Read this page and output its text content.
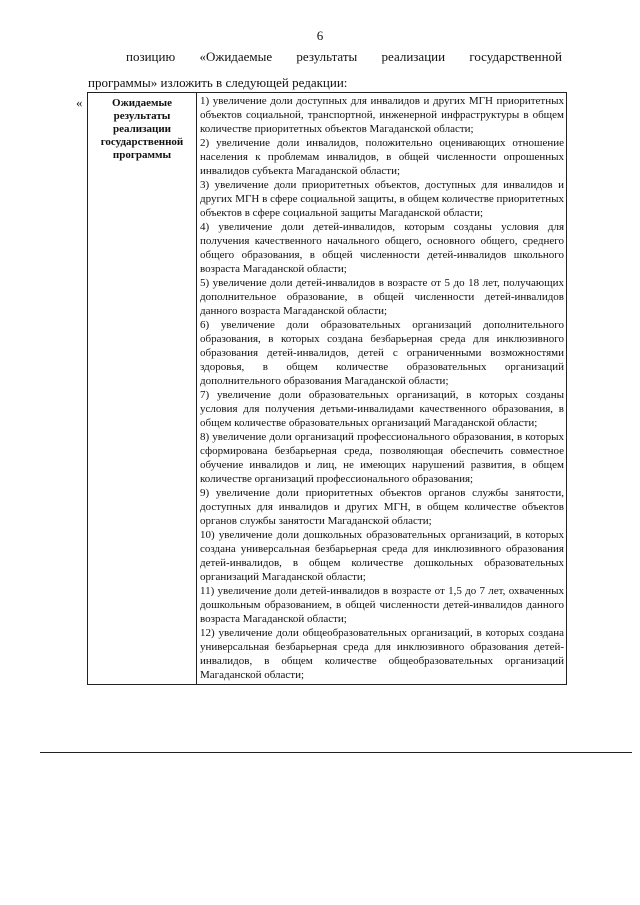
6
позицию «Ожидаемые результаты реализации государственной
программы» изложить в следующей редакции:
«	Ожидаемые результаты реализации государственной программы	
1) увеличение доли доступных для инвалидов и других МГН приоритетных объектов социальной, транспортной, инженерной инфраструктуры в общем количестве приоритетных объектов Магаданской области;
2) увеличение доли инвалидов, положительно оценивающих отношение населения к проблемам инвалидов, в общей численности опрошенных инвалидов субъекта Магаданской области;
3) увеличение доли приоритетных объектов, доступных для инвалидов и других МГН в сфере социальной защиты, в общем количестве приоритетных объектов в сфере социальной защиты Магаданской области;
4) увеличение доли детей-инвалидов, которым созданы условия для получения качественного начального общего, основного общего, среднего общего образования, в общей численности детей-инвалидов школьного возраста Магаданской области;
5) увеличение доли детей-инвалидов в возрасте от 5 до 18 лет, получающих дополнительное образование, в общей численности детей-инвалидов данного возраста Магаданской области;
6) увеличение доли образовательных организаций дополнительного образования, в которых создана безбарьерная среда для инклюзивного образования детей-инвалидов, детей с ограниченными возможностями здоровья, в общем количестве образовательных организаций дополнительного образования Магаданской области;
7) увеличение доли образовательных организаций, в которых созданы условия для получения детьми-инвалидами качественного образования, в общем количестве образовательных организаций Магаданской области;
8) увеличение доли организаций профессионального образования, в которых сформирована безбарьерная среда, позволяющая обеспечить совместное обучение инвалидов и лиц, не имеющих нарушений развития, в общем количестве организаций профессионального образования;
9) увеличение доли приоритетных объектов органов службы занятости, доступных для инвалидов и других МГН, в общем количестве объектов органов службы занятости Магаданской области;
10) увеличение доли дошкольных образовательных организаций, в которых создана универсальная безбарьерная среда для инклюзивного образования детей-инвалидов, в общем количестве дошкольных образовательных организаций Магаданской области;
11) увеличение доли детей-инвалидов в возрасте от 1,5 до 7 лет, охваченных дошкольным образованием, в общей численности детей-инвалидов данного возраста Магаданской области;
12) увеличение доли общеобразовательных организаций, в которых создана универсальная безбарьерная среда для инклюзивного образования детей-инвалидов, в общем количестве общеобразовательных организаций Магаданской области;
